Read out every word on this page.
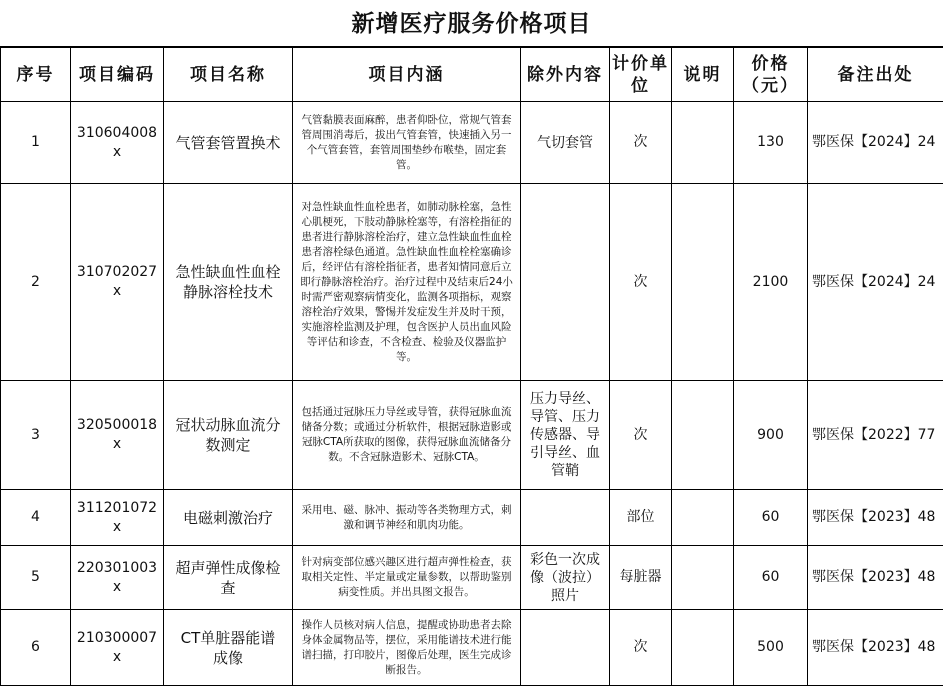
新增医疗服务价格项目
序号	项目编码	项目名称	项目内涵	除外内容	计价单位	说明	价格（元）	备注出处
1	310604008x	气管套管置换术	气管黏膜表面麻醉，患者仰卧位，常规气管套管周围消毒后，拔出气管套管，快速插入另一个气管套管，套管周围垫纱布喉垫，固定套管。	气切套管	次		130	鄂医保【2024】24
2	310702027x	急性缺血性血栓静脉溶栓技术	对急性缺血性血栓患者，如肺动脉栓塞，急性心肌梗死，下肢动静脉栓塞等，有溶栓指征的患者进行静脉溶栓治疗，建立急性缺血性血栓患者溶栓绿色通道。急性缺血性血栓栓塞确诊后，经评估有溶栓指征者，患者知情同意后立即行静脉溶栓治疗。治疗过程中及结束后24小时需严密观察病情变化，监测各项指标，观察溶栓治疗效果，警惕并发症发生并及时干预，实施溶栓监测及护理，包含医护人员出血风险等评估和诊查，不含检查、检验及仪器监护等。		次		2100	鄂医保【2024】24
3	320500018x	冠状动脉血流分数测定	包括通过冠脉压力导丝或导管，获得冠脉血流储备分数；或通过分析软件，根据冠脉造影或冠脉CTA所获取的图像，获得冠脉血流储备分数。不含冠脉造影术、冠脉CTA。	压力导丝、导管、压力传感器、导引导丝、血管鞘	次		900	鄂医保【2022】77
4	311201072x	电磁刺激治疗	采用电、磁、脉冲、振动等各类物理方式，刺激和调节神经和肌肉功能。		部位		60	鄂医保【2023】48
5	220301003x	超声弹性成像检查	针对病变部位感兴趣区进行超声弹性检查，获取相关定性、半定量或定量参数，以帮助鉴别病变性质。并出具图文报告。	彩色一次成像（波拉）照片	每脏器		60	鄂医保【2023】48
6	210300007x	CT单脏器能谱成像	操作人员核对病人信息，提醒或协助患者去除身体金属物品等，摆位，采用能谱技术进行能谱扫描，打印胶片，图像后处理，医生完成诊断报告。		次		500	鄂医保【2023】48
